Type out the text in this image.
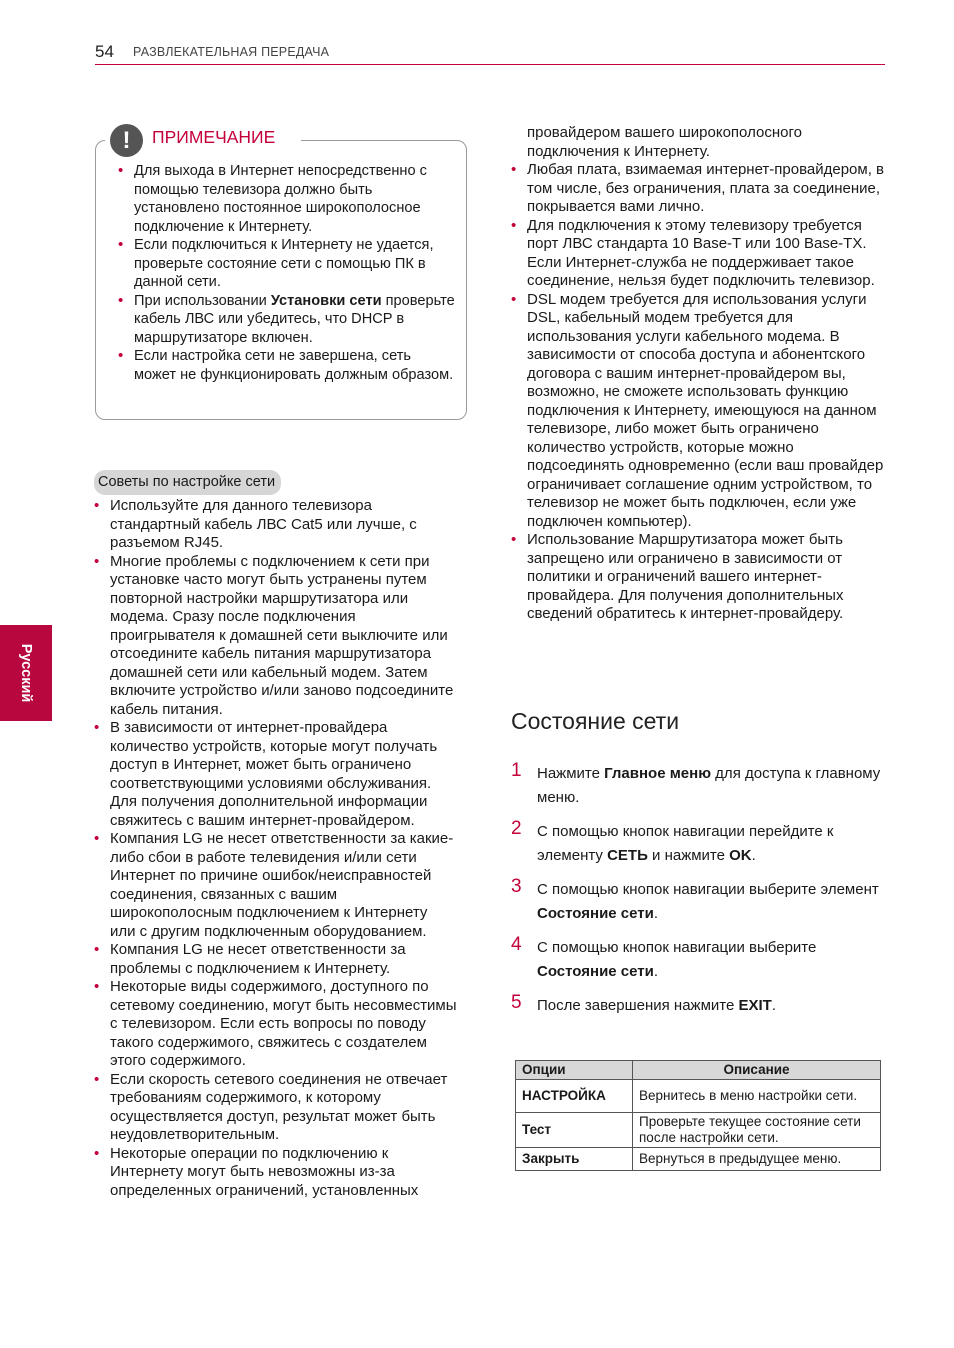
54 РАЗВЛЕКАТЕЛЬНАЯ ПЕРЕДАЧА
Русский
!	ПРИМЕЧАНИЕ
• Для выхода в Интернет непосредственно с помощью телевизора должно быть установлено постоянное широкополосное подключение к Интернету.
• Если подключиться к Интернету не удается, проверьте состояние сети с помощью ПК в данной сети.
• При использовании Установки сети проверьте кабель ЛВС или убедитесь, что DHCP в маршрутизаторе включен.
• Если настройка сети не завершена, сеть может не функционировать должным образом.
Советы по настройке сети
• Используйте для данного телевизора стандартный кабель ЛВС Cat5 или лучше, с разъемом RJ45.
• Многие проблемы с подключением к сети при установке часто могут быть устранены путем повторной настройки маршрутизатора или модема. Сразу после подключения проигрывателя к домашней сети выключите или отсоедините кабель питания маршрутизатора домашней сети или кабельный модем. Затем включите устройство и/или заново подсоедините кабель питания.
• В зависимости от интернет-провайдера количество устройств, которые могут получать доступ в Интернет, может быть ограничено соответствующими условиями обслуживания. Для получения дополнительной информации свяжитесь с вашим интернет-провайдером.
• Компания LG не несет ответственности за какие-либо сбои в работе телевидения и/или сети Интернет по причине ошибок/неисправностей соединения, связанных с вашим широкополосным подключением к Интернету или с другим подключенным оборудованием.
• Компания LG не несет ответственности за проблемы с подключением к Интернету.
• Некоторые виды содержимого, доступного по сетевому соединению, могут быть несовместимы с телевизором. Если есть вопросы по поводу такого содержимого, свяжитесь с создателем этого содержимого.
• Если скорость сетевого соединения не отвечает требованиям содержимого, к которому осуществляется доступ, результат может быть неудовлетворительным.
• Некоторые операции по подключению к Интернету могут быть невозможны из-за определенных ограничений, установленных
провайдером вашего широкополосного подключения к Интернету.
• Любая плата, взимаемая интернет-провайдером, в том числе, без ограничения, плата за соединение, покрывается вами лично.
• Для подключения к этому телевизору требуется порт ЛВС стандарта 10 Base-T или 100 Base-TX. Если Интернет-служба не поддерживает такое соединение, нельзя будет подключить телевизор.
• DSL модем требуется для использования услуги DSL, кабельный модем требуется для использования услуги кабельного модема. В зависимости от способа доступа и абонентского договора с вашим интернет-провайдером вы, возможно, не сможете использовать функцию подключения к Интернету, имеющуюся на данном телевизоре, либо может быть ограничено количество устройств, которые можно подсоединять одновременно (если ваш провайдер ограничивает соглашение одним устройством, то телевизор не может быть подключен, если уже подключен компьютер).
• Использование Маршрутизатора может быть запрещено или ограничено в зависимости от политики и ограничений вашего интернет-провайдера. Для получения дополнительных сведений обратитесь к интернет-провайдеру.
Состояние сети
1 Нажмите Главное меню для доступа к главному меню.
2 С помощью кнопок навигации перейдите к элементу СЕТЬ и нажмите OK.
3 С помощью кнопок навигации выберите элемент Состояние сети.
4 С помощью кнопок навигации выберите Состояние сети.
5 После завершения нажмите EXIT.
Опции	Описание
НАСТРОЙКА	Вернитесь в меню настройки сети.
Тест	Проверьте текущее состояние сети после настройки сети.
Закрыть	Вернуться в предыдущее меню.
